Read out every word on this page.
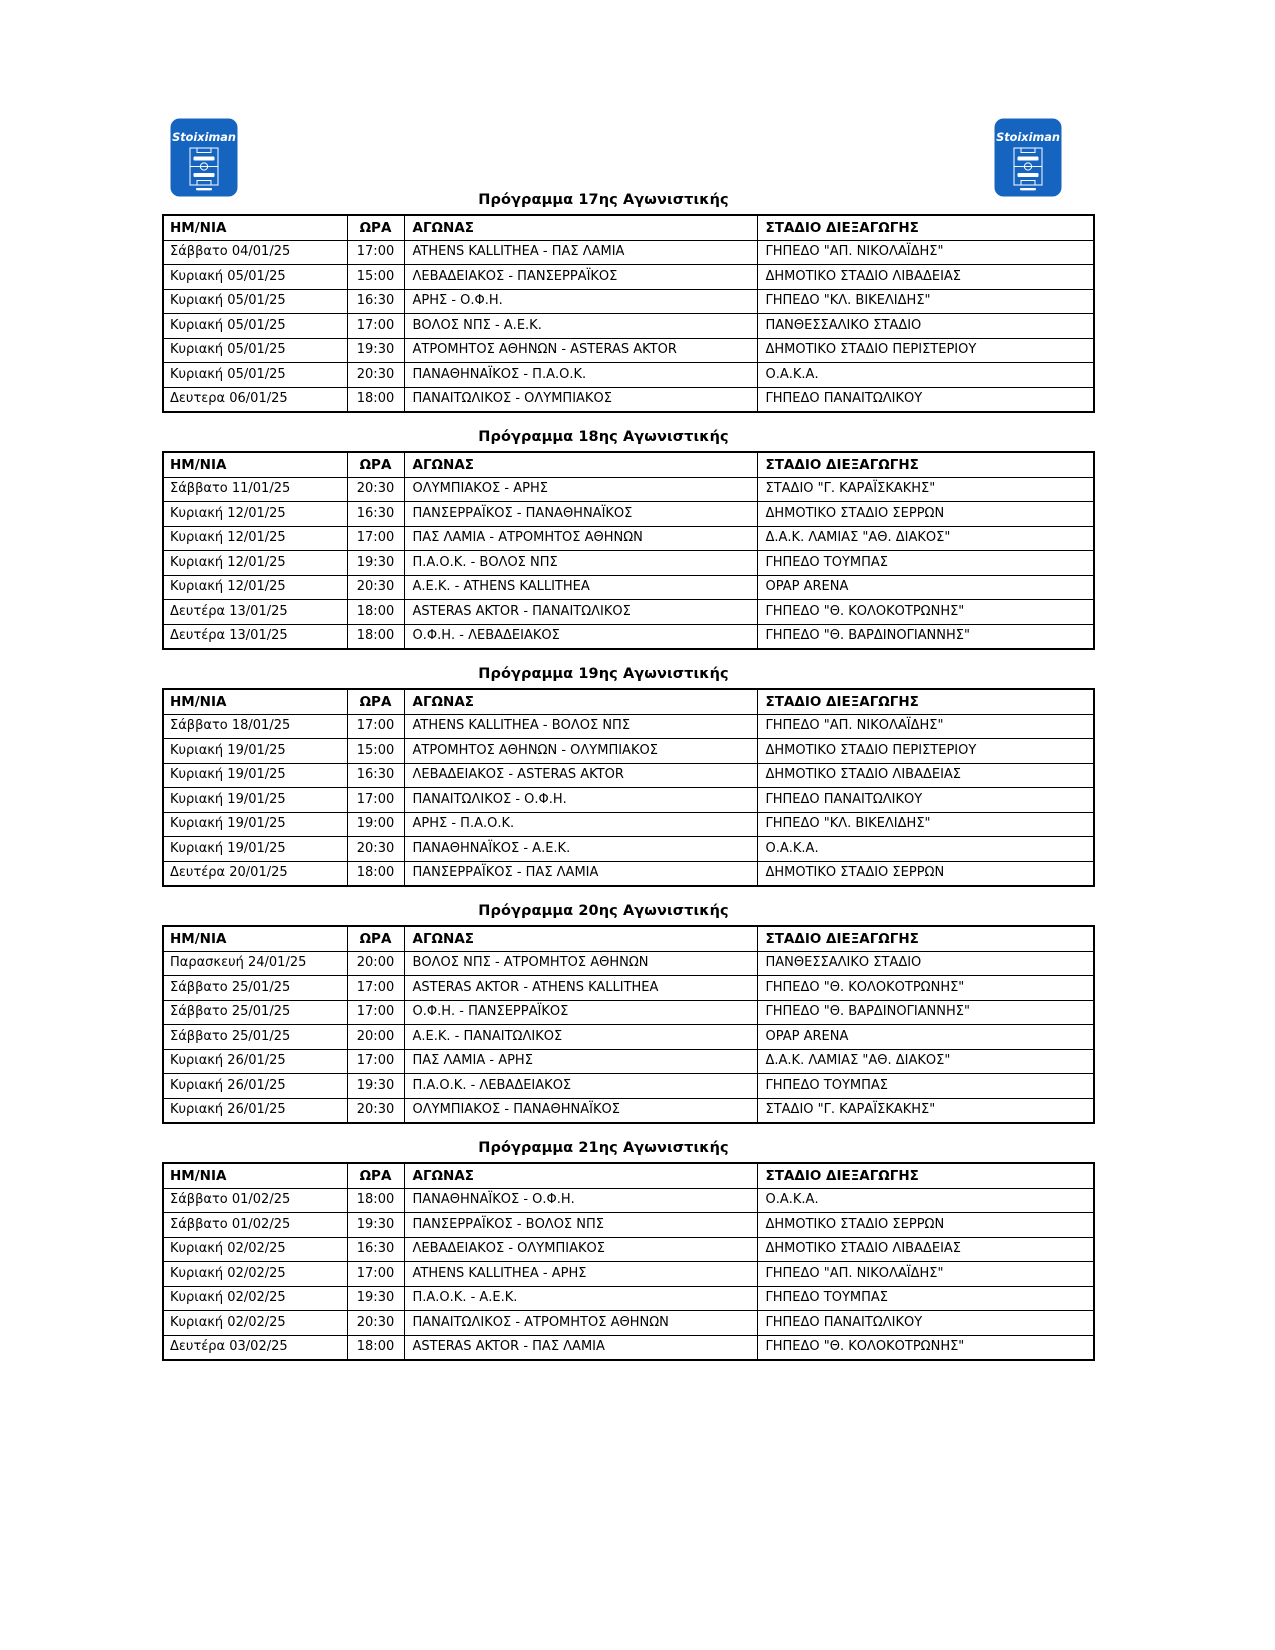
Stoiximan	Stoiximan
Πρόγραμμα 17ης Αγωνιστικής
ΗΜ/ΝΙΑ	ΩΡΑ	ΑΓΩΝΑΣ	ΣΤΑΔΙΟ ΔΙΕΞΑΓΩΓΗΣ
Σάββατο 04/01/25	17:00	ATHENS KALLITHEA - ΠΑΣ ΛΑΜΙΑ	ΓΗΠΕΔΟ "ΑΠ. ΝΙΚΟΛΑΪΔΗΣ"
Κυριακή 05/01/25	15:00	ΛΕΒΑΔΕΙΑΚΟΣ - ΠΑΝΣΕΡΡΑΪΚΟΣ	ΔΗΜΟΤΙΚΟ ΣΤΑΔΙΟ ΛΙΒΑΔΕΙΑΣ
Κυριακή 05/01/25	16:30	ΑΡΗΣ - Ο.Φ.Η.	ΓΗΠΕΔΟ "ΚΛ. ΒΙΚΕΛΙΔΗΣ"
Κυριακή 05/01/25	17:00	ΒΟΛΟΣ ΝΠΣ - Α.Ε.Κ.	ΠΑΝΘΕΣΣΑΛΙΚΟ ΣΤΑΔΙΟ
Κυριακή 05/01/25	19:30	ΑΤΡΟΜΗΤΟΣ ΑΘΗΝΩΝ - ASTERAS AKTOR	ΔΗΜΟΤΙΚΟ ΣΤΑΔΙΟ ΠΕΡΙΣΤΕΡΙΟΥ
Κυριακή 05/01/25	20:30	ΠΑΝΑΘΗΝΑΪΚΟΣ - Π.Α.Ο.Κ.	Ο.Α.Κ.Α.
Δευτερα 06/01/25	18:00	ΠΑΝΑΙΤΩΛΙΚΟΣ - ΟΛΥΜΠΙΑΚΟΣ	ΓΗΠΕΔΟ ΠΑΝΑΙΤΩΛΙΚΟΥ
Πρόγραμμα 18ης Αγωνιστικής
ΗΜ/ΝΙΑ	ΩΡΑ	ΑΓΩΝΑΣ	ΣΤΑΔΙΟ ΔΙΕΞΑΓΩΓΗΣ
Σάββατο 11/01/25	20:30	ΟΛΥΜΠΙΑΚΟΣ - ΑΡΗΣ	ΣΤΑΔΙΟ "Γ. ΚΑΡΑΪΣΚΑΚΗΣ"
Κυριακή 12/01/25	16:30	ΠΑΝΣΕΡΡΑΪΚΟΣ - ΠΑΝΑΘΗΝΑΪΚΟΣ	ΔΗΜΟΤΙΚΟ ΣΤΑΔΙΟ ΣΕΡΡΩΝ
Κυριακή 12/01/25	17:00	ΠΑΣ ΛΑΜΙΑ - ΑΤΡΟΜΗΤΟΣ ΑΘΗΝΩΝ	Δ.Α.Κ. ΛΑΜΙΑΣ "ΑΘ. ΔΙΑΚΟΣ"
Κυριακή 12/01/25	19:30	Π.Α.Ο.Κ. - ΒΟΛΟΣ ΝΠΣ	ΓΗΠΕΔΟ ΤΟΥΜΠΑΣ
Κυριακή 12/01/25	20:30	Α.Ε.Κ. - ATHENS KALLITHEA	OPAP ARENA
Δευτέρα 13/01/25	18:00	ASTERAS AKTOR - ΠΑΝΑΙΤΩΛΙΚΟΣ	ΓΗΠΕΔΟ "Θ. ΚΟΛΟΚΟΤΡΩΝΗΣ"
Δευτέρα 13/01/25	18:00	Ο.Φ.Η. - ΛΕΒΑΔΕΙΑΚΟΣ	ΓΗΠΕΔΟ "Θ. ΒΑΡΔΙΝΟΓΙΑΝΝΗΣ"
Πρόγραμμα 19ης Αγωνιστικής
ΗΜ/ΝΙΑ	ΩΡΑ	ΑΓΩΝΑΣ	ΣΤΑΔΙΟ ΔΙΕΞΑΓΩΓΗΣ
Σάββατο 18/01/25	17:00	ATHENS KALLITHEA - ΒΟΛΟΣ ΝΠΣ	ΓΗΠΕΔΟ "ΑΠ. ΝΙΚΟΛΑΪΔΗΣ"
Κυριακή 19/01/25	15:00	ΑΤΡΟΜΗΤΟΣ ΑΘΗΝΩΝ - ΟΛΥΜΠΙΑΚΟΣ	ΔΗΜΟΤΙΚΟ ΣΤΑΔΙΟ ΠΕΡΙΣΤΕΡΙΟΥ
Κυριακή 19/01/25	16:30	ΛΕΒΑΔΕΙΑΚΟΣ - ASTERAS AKTOR	ΔΗΜΟΤΙΚΟ ΣΤΑΔΙΟ ΛΙΒΑΔΕΙΑΣ
Κυριακή 19/01/25	17:00	ΠΑΝΑΙΤΩΛΙΚΟΣ - Ο.Φ.Η.	ΓΗΠΕΔΟ ΠΑΝΑΙΤΩΛΙΚΟΥ
Κυριακή 19/01/25	19:00	ΑΡΗΣ - Π.Α.Ο.Κ.	ΓΗΠΕΔΟ "ΚΛ. ΒΙΚΕΛΙΔΗΣ"
Κυριακή 19/01/25	20:30	ΠΑΝΑΘΗΝΑΪΚΟΣ - Α.Ε.Κ.	Ο.Α.Κ.Α.
Δευτέρα 20/01/25	18:00	ΠΑΝΣΕΡΡΑΪΚΟΣ - ΠΑΣ ΛΑΜΙΑ	ΔΗΜΟΤΙΚΟ ΣΤΑΔΙΟ ΣΕΡΡΩΝ
Πρόγραμμα 20ης Αγωνιστικής
ΗΜ/ΝΙΑ	ΩΡΑ	ΑΓΩΝΑΣ	ΣΤΑΔΙΟ ΔΙΕΞΑΓΩΓΗΣ
Παρασκευή 24/01/25	20:00	ΒΟΛΟΣ ΝΠΣ - ΑΤΡΟΜΗΤΟΣ ΑΘΗΝΩΝ	ΠΑΝΘΕΣΣΑΛΙΚΟ ΣΤΑΔΙΟ
Σάββατο 25/01/25	17:00	ASTERAS AKTOR - ATHENS KALLITHEA	ΓΗΠΕΔΟ "Θ. ΚΟΛΟΚΟΤΡΩΝΗΣ"
Σάββατο 25/01/25	17:00	Ο.Φ.Η. - ΠΑΝΣΕΡΡΑΪΚΟΣ	ΓΗΠΕΔΟ "Θ. ΒΑΡΔΙΝΟΓΙΑΝΝΗΣ"
Σάββατο 25/01/25	20:00	Α.Ε.Κ. - ΠΑΝΑΙΤΩΛΙΚΟΣ	OPAP ARENA
Κυριακή 26/01/25	17:00	ΠΑΣ ΛΑΜΙΑ - ΑΡΗΣ	Δ.Α.Κ. ΛΑΜΙΑΣ "ΑΘ. ΔΙΑΚΟΣ"
Κυριακή 26/01/25	19:30	Π.Α.Ο.Κ. - ΛΕΒΑΔΕΙΑΚΟΣ	ΓΗΠΕΔΟ ΤΟΥΜΠΑΣ
Κυριακή 26/01/25	20:30	ΟΛΥΜΠΙΑΚΟΣ - ΠΑΝΑΘΗΝΑΪΚΟΣ	ΣΤΑΔΙΟ "Γ. ΚΑΡΑΪΣΚΑΚΗΣ"
Πρόγραμμα 21ης Αγωνιστικής
ΗΜ/ΝΙΑ	ΩΡΑ	ΑΓΩΝΑΣ	ΣΤΑΔΙΟ ΔΙΕΞΑΓΩΓΗΣ
Σάββατο 01/02/25	18:00	ΠΑΝΑΘΗΝΑΪΚΟΣ - Ο.Φ.Η.	Ο.Α.Κ.Α.
Σάββατο 01/02/25	19:30	ΠΑΝΣΕΡΡΑΪΚΟΣ - ΒΟΛΟΣ ΝΠΣ	ΔΗΜΟΤΙΚΟ ΣΤΑΔΙΟ ΣΕΡΡΩΝ
Κυριακή 02/02/25	16:30	ΛΕΒΑΔΕΙΑΚΟΣ - ΟΛΥΜΠΙΑΚΟΣ	ΔΗΜΟΤΙΚΟ ΣΤΑΔΙΟ ΛΙΒΑΔΕΙΑΣ
Κυριακή 02/02/25	17:00	ATHENS KALLITHEA - ΑΡΗΣ	ΓΗΠΕΔΟ "ΑΠ. ΝΙΚΟΛΑΪΔΗΣ"
Κυριακή 02/02/25	19:30	Π.Α.Ο.Κ. - Α.Ε.Κ.	ΓΗΠΕΔΟ ΤΟΥΜΠΑΣ
Κυριακή 02/02/25	20:30	ΠΑΝΑΙΤΩΛΙΚΟΣ - ΑΤΡΟΜΗΤΟΣ ΑΘΗΝΩΝ	ΓΗΠΕΔΟ ΠΑΝΑΙΤΩΛΙΚΟΥ
Δευτέρα 03/02/25	18:00	ASTERAS AKTOR - ΠΑΣ ΛΑΜΙΑ	ΓΗΠΕΔΟ "Θ. ΚΟΛΟΚΟΤΡΩΝΗΣ"
